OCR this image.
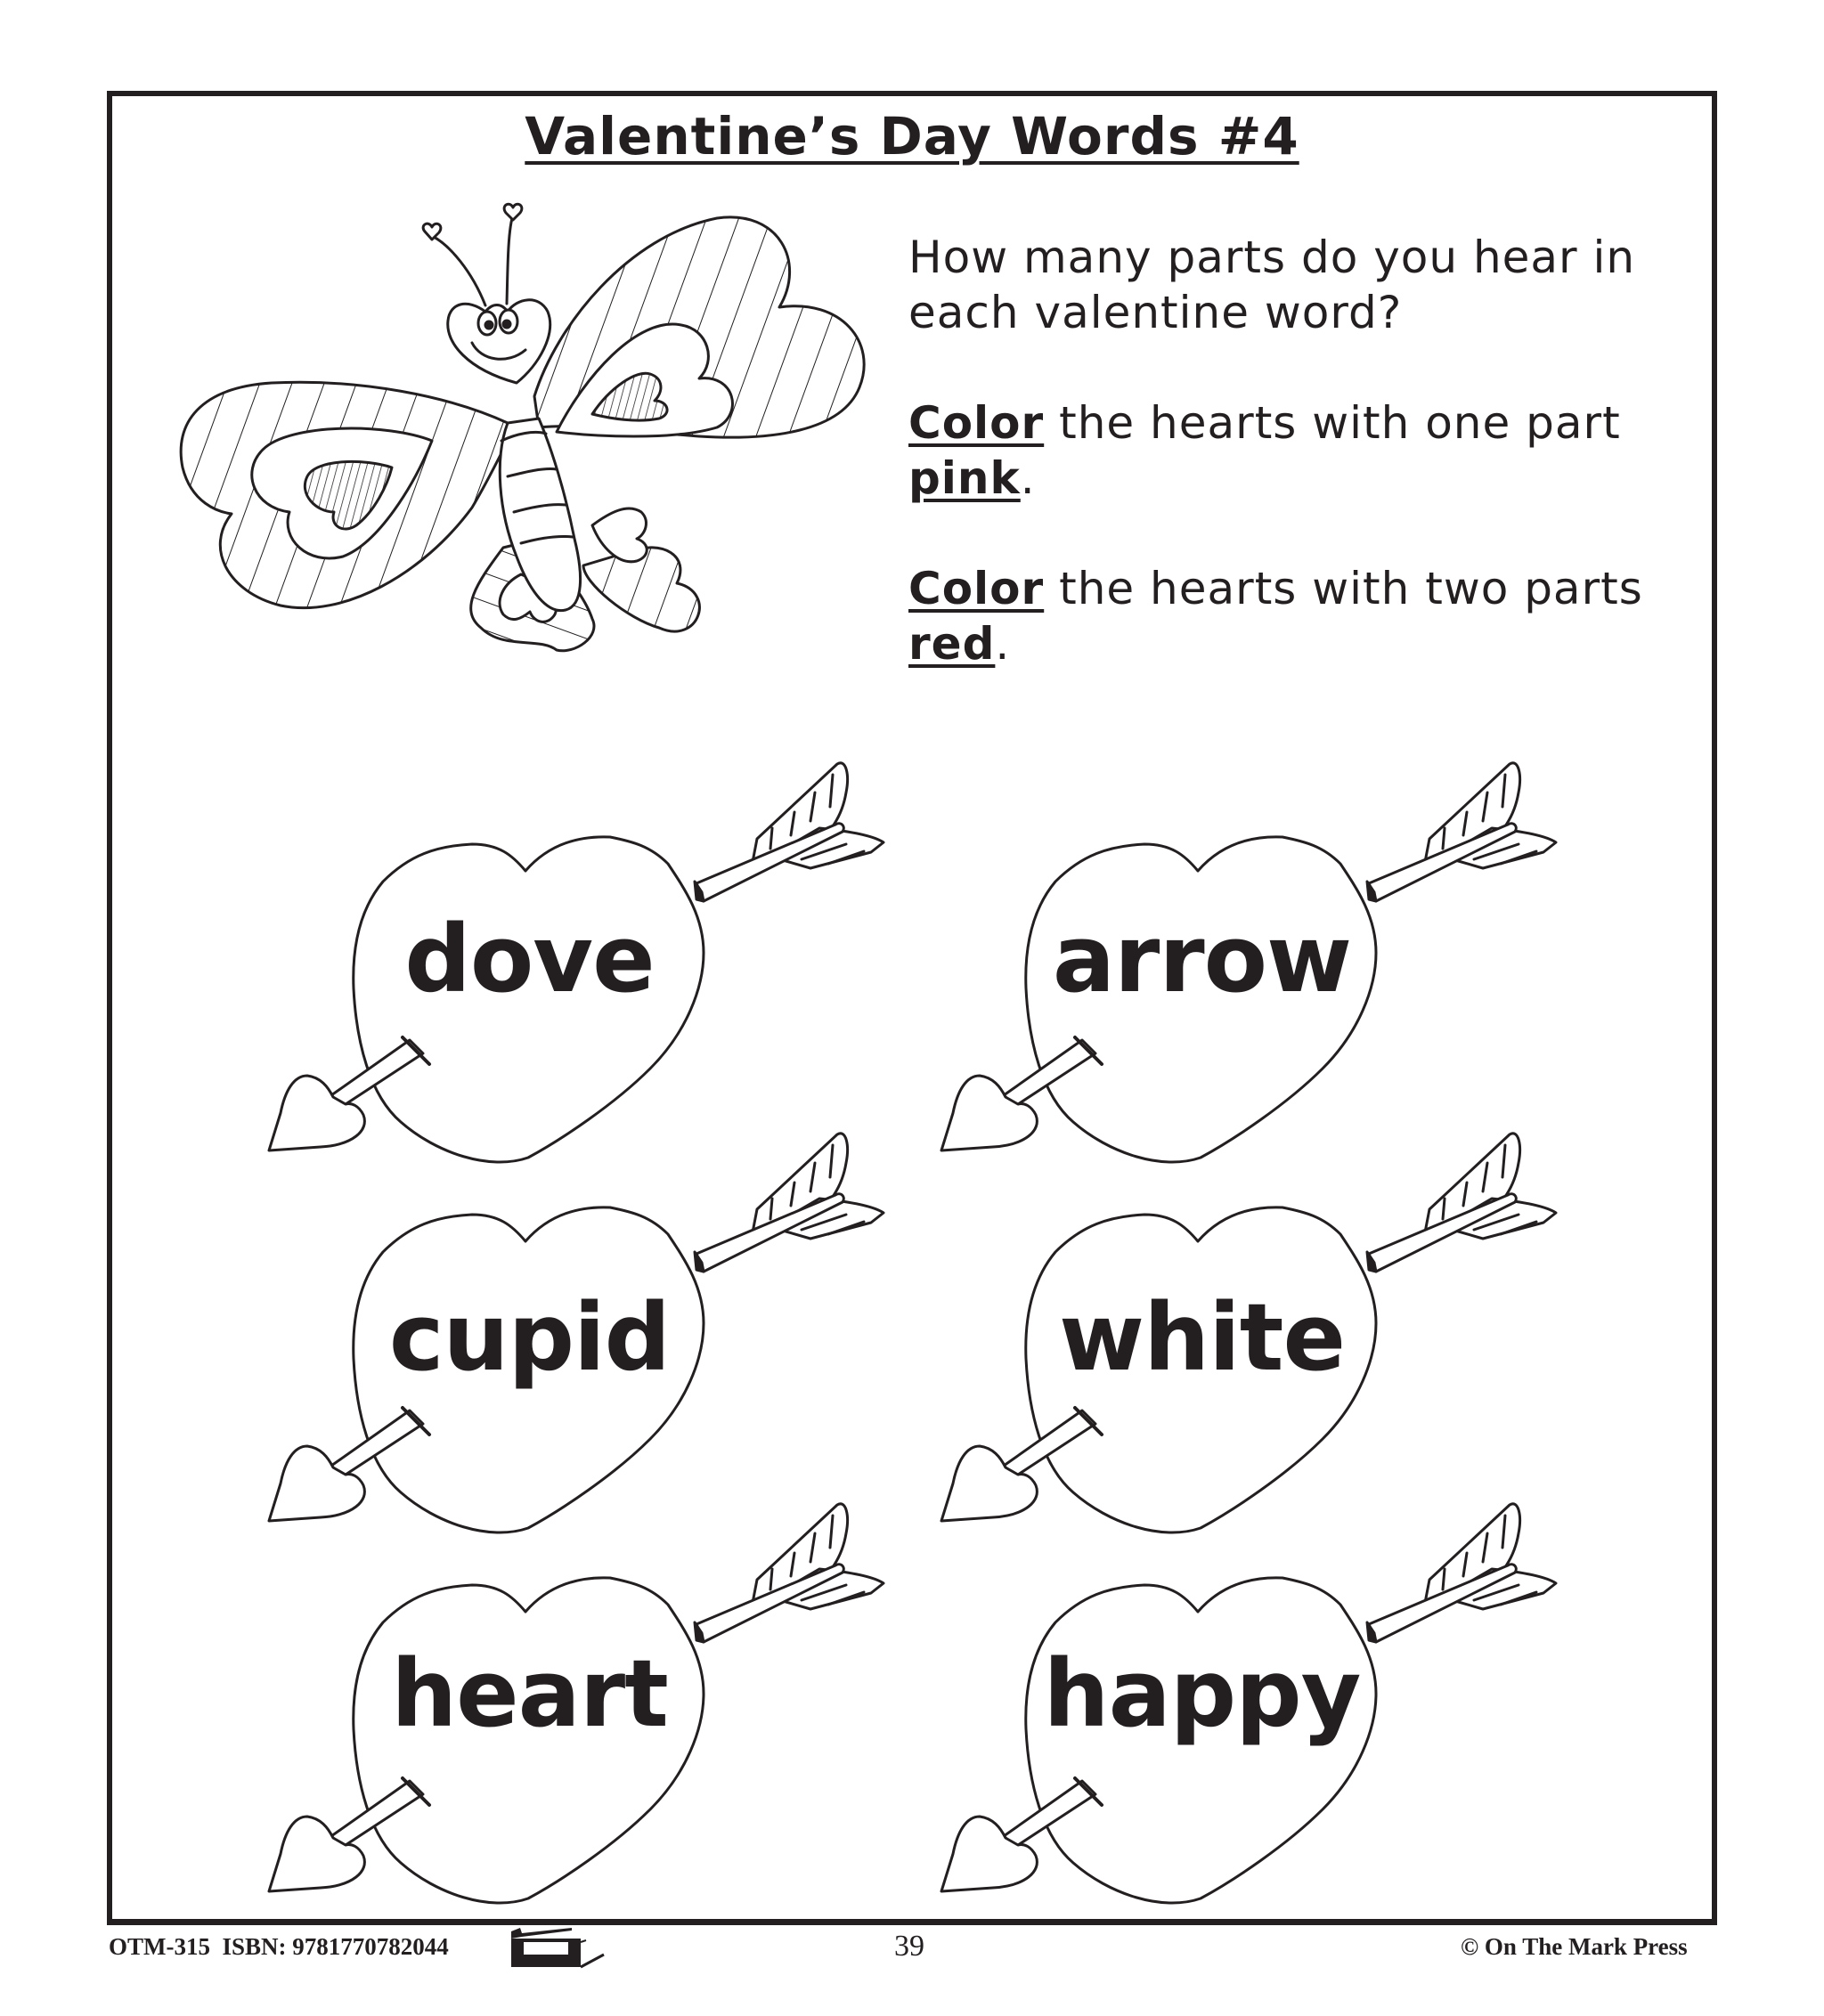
Valentine’s Day Words #4

How many parts do you hear in each valentine word?

Color the hearts with one part pink.

Color the hearts with two parts red.

dove	arrow
cupid	white
heart	happy
OTM-315 ISBN: 9781770782044	39	© On The Mark Press
